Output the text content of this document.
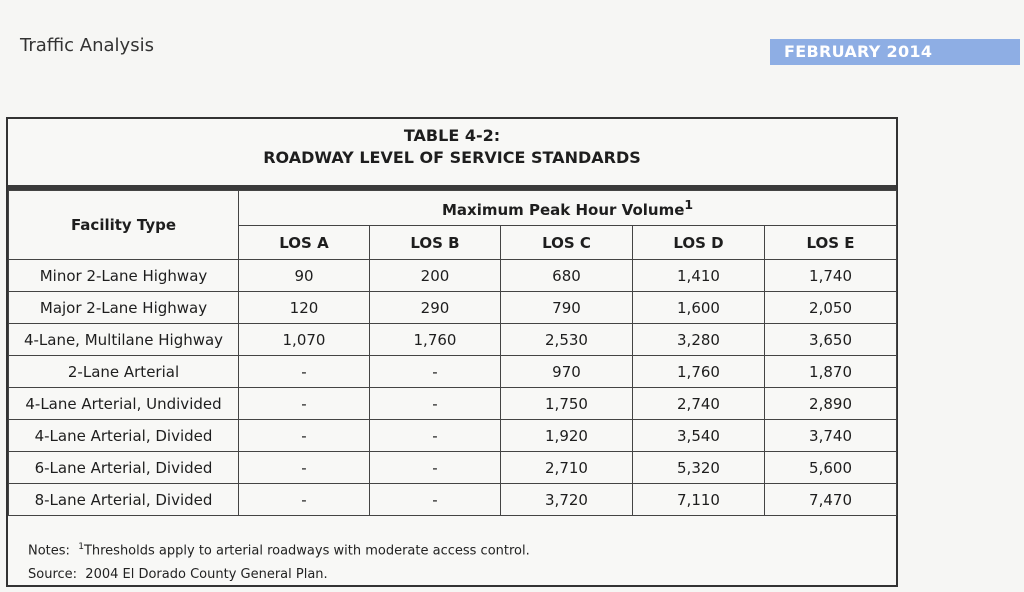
Traffic Analysis	FEBRUARY 2014
TABLE 4-2:
ROADWAY LEVEL OF SERVICE STANDARDS
Facility Type	Maximum Peak Hour Volume$^1$
	LOS A	LOS B	LOS C	LOS D	LOS E
Minor 2-Lane Highway	90	200	680	1,410	1,740
Major 2-Lane Highway	120	290	790	1,600	2,050
4-Lane, Multilane Highway	1,070	1,760	2,530	3,280	3,650
2-Lane Arterial	-	-	970	1,760	1,870
4-Lane Arterial, Undivided	-	-	1,750	2,740	2,890
4-Lane Arterial, Divided	-	-	1,920	3,540	3,740
6-Lane Arterial, Divided	-	-	2,710	5,320	5,600
8-Lane Arterial, Divided	-	-	3,720	7,110	7,470
Notes: $^1$Thresholds apply to arterial roadways with moderate access control.
Source: 2004 El Dorado County General Plan.
